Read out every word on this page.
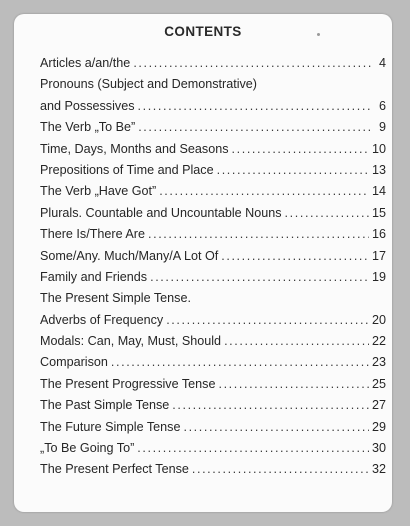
CONTENTS
Articles a/an/the .....	4
Pronouns (Subject and Demonstrative)
and Possessives .....	6
The Verb „To Be” .....	9
Time, Days, Months and Seasons .....	10
Prepositions of Time and Place .....	13
The Verb „Have Got” .....	14
Plurals. Countable and Uncountable Nouns .....	15
There Is/There Are .....	16
Some/Any. Much/Many/A Lot Of .....	17
Family and Friends .....	19
The Present Simple Tense.
Adverbs of Frequency .....	20
Modals: Can, May, Must, Should .....	22
Comparison .....	23
The Present Progressive Tense .....	25
The Past Simple Tense .....	27
The Future Simple Tense .....	29
„To Be Going To” .....	30
The Present Perfect Tense .....	32
